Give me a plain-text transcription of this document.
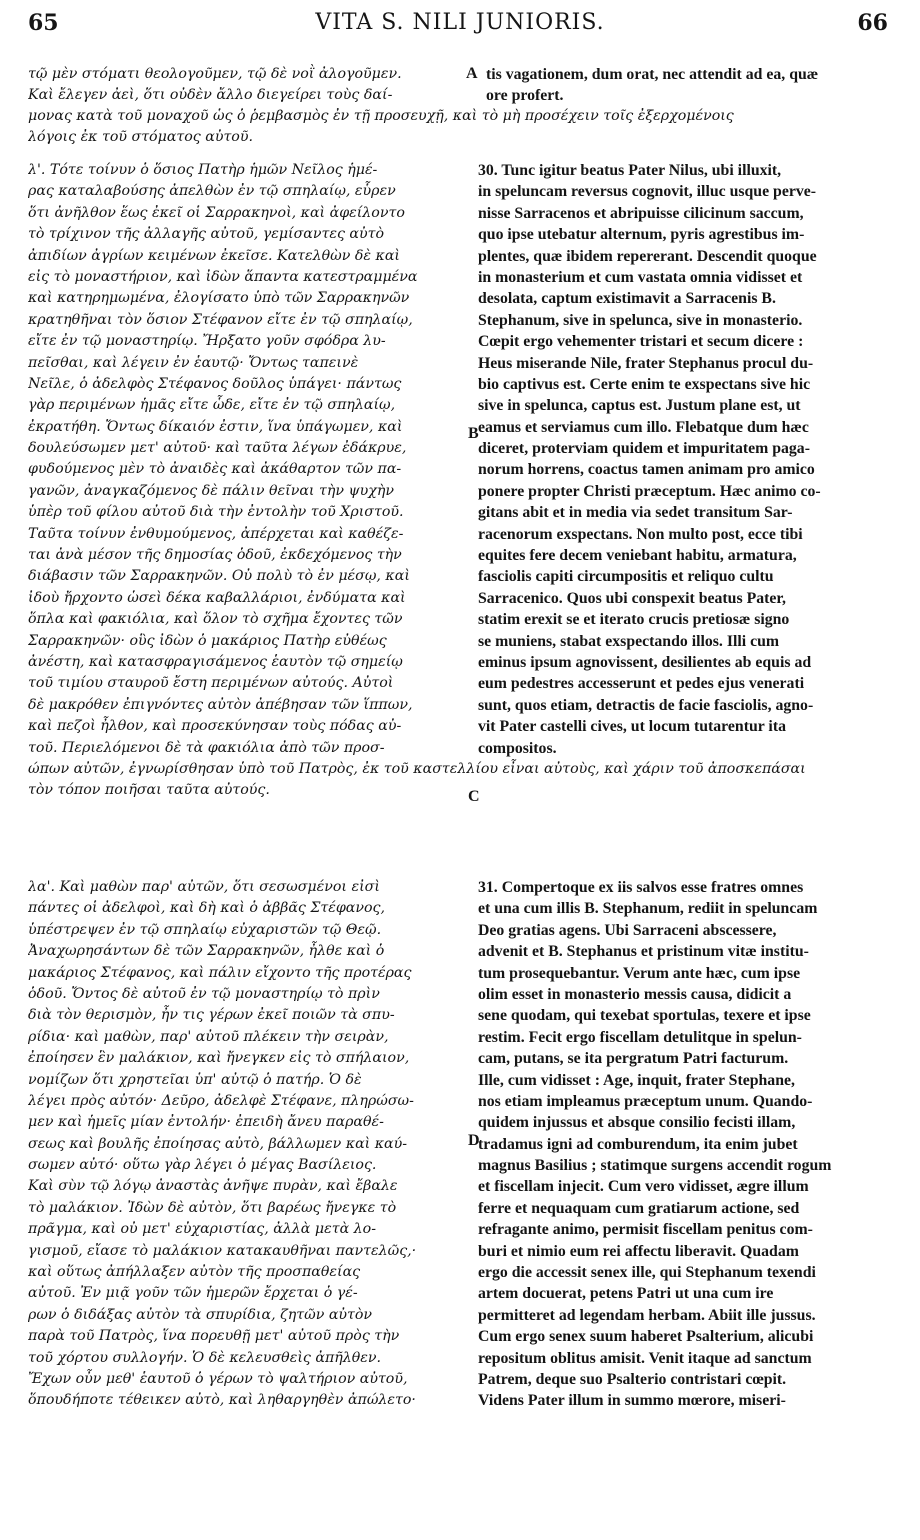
65	VITA S. NILI JUNIORIS.	66
τῷ μὲν στόματι θεολογοῦμεν, τῷ δὲ νοῒ ἀλογοῦμεν.
Καὶ ἔλεγεν ἀεὶ, ὅτι οὐδὲν ἄλλο διεγείρει τοὺς δαί-
A tis vagationem, dum orat, nec attendit ad ea, quæ
ore profert.
μονας κατὰ τοῦ μοναχοῦ ὡς ὁ ῥεμβασμὸς ἐν τῇ προσευχῇ, καὶ τὸ μὴ προσέχειν τοῖς ἐξερχομένοις
λόγοις ἐκ τοῦ στόματος αὐτοῦ.
λ'. Τότε τοίνυν ὁ ὅσιος Πατὴρ ἡμῶν Νεῖλος ἡμέ-
ρας καταλαβούσης ἀπελθὼν ἐν τῷ σπηλαίῳ, εὗρεν
ὅτι ἀνῆλθον ἕως ἐκεῖ οἱ Σαρρακηνοὶ, καὶ ἀφείλοντο
τὸ τρίχινον τῆς ἀλλαγῆς αὐτοῦ, γεμίσαντες αὐτὸ
ἀπιδίων ἀγρίων κειμένων ἐκεῖσε. Κατελθὼν δὲ καὶ
εἰς τὸ μοναστήριον, καὶ ἰδὼν ἅπαντα κατεστραμμένα
καὶ κατηρημωμένα, ἐλογίσατο ὑπὸ τῶν Σαρρακηνῶν
κρατηθῆναι τὸν ὅσιον Στέφανον εἴτε ἐν τῷ σπηλαίῳ,
εἴτε ἐν τῷ μοναστηρίῳ. Ἤρξατο γοῦν σφόδρα λυ-
πεῖσθαι, καὶ λέγειν ἐν ἑαυτῷ· Ὄντως ταπεινὲ
Νεῖλε, ὁ ἀδελφὸς Στέφανος δοῦλος ὑπάγει· πάντως
γὰρ περιμένων ἡμᾶς εἴτε ὧδε, εἴτε ἐν τῷ σπηλαίῳ,
ἐκρατήθη. Ὄντως δίκαιόν ἐστιν, ἵνα ὑπάγωμεν, καὶ
δουλεύσωμεν μετ' αὐτοῦ· καὶ ταῦτα λέγων ἐδάκρυε,
φυδούμενος μὲν τὸ ἀναιδὲς καὶ ἀκάθαρτον τῶν πα-
γανῶν, ἀναγκαζόμενος δὲ πάλιν θεῖναι τὴν ψυχὴν
ὑπὲρ τοῦ φίλου αὐτοῦ διὰ τὴν ἐντολὴν τοῦ Χριστοῦ.
Ταῦτα τοίνυν ἐνθυμούμενος, ἀπέρχεται καὶ καθέζε-
ται ἀνὰ μέσον τῆς δημοσίας ὁδοῦ, ἐκδεχόμενος τὴν
διάβασιν τῶν Σαρρακηνῶν. Οὐ πολὺ τὸ ἐν μέσῳ, καὶ
ἰδοὺ ἤρχοντο ὡσεὶ δέκα καβαλλάριοι, ἐνδύματα καὶ
ὅπλα καὶ φακιόλια, καὶ ὅλον τὸ σχῆμα ἔχοντες τῶν
Σαρρακηνῶν· οὓς ἰδὼν ὁ μακάριος Πατὴρ εὐθέως
ἀνέστη, καὶ κατασφραγισάμενος ἑαυτὸν τῷ σημείῳ
τοῦ τιμίου σταυροῦ ἔστη περιμένων αὐτούς. Αὐτοὶ
δὲ μακρόθεν ἐπιγνόντες αὐτὸν ἀπέβησαν τῶν ἵππων,
καὶ πεζοὶ ἦλθον, καὶ προσεκύνησαν τοὺς πόδας αὐ-
τοῦ. Περιελόμενοι δὲ τὰ φακιόλια ἀπὸ τῶν προσ-
ώπων αὐτῶν, ἐγνωρίσθησαν ὑπὸ τοῦ Πατρὸς, ἐκ τοῦ καστελλίου εἶναι αὐτοὺς, καὶ χάριν τοῦ ἀποσκεπάσαι
τὸν τόπον ποιῆσαι ταῦτα αὐτούς.
B
C
D
30. Tunc igitur beatus Pater Nilus, ubi illuxit,
in speluncam reversus cognovit, illuc usque perve-
nisse Sarracenos et abripuisse cilicinum saccum,
quo ipse utebatur alternum, pyris agrestibus im-
plentes, quæ ibidem repererant. Descendit quoque
in monasterium et cum vastata omnia vidisset et
desolata, captum existimavit a Sarracenis B.
Stephanum, sive in spelunca, sive in monasterio.
Cœpit ergo vehementer tristari et secum dicere :
Heus miserande Nile, frater Stephanus procul du-
bio captivus est. Certe enim te exspectans sive hic
sive in spelunca, captus est. Justum plane est, ut
eamus et serviamus cum illo. Flebatque dum hæc
diceret, proterviam quidem et impuritatem paga-
norum horrens, coactus tamen animam pro amico
ponere propter Christi præceptum. Hæc animo co-
gitans abit et in media via sedet transitum Sar-
racenorum exspectans. Non multo post, ecce tibi
equites fere decem veniebant habitu, armatura,
fasciolis capiti circumpositis et reliquo cultu
Sarracenico. Quos ubi conspexit beatus Pater,
statim erexit se et iterato crucis pretiosæ signo
se muniens, stabat exspectando illos. Illi cum
eminus ipsum agnovissent, desilientes ab equis ad
eum pedestres accesserunt et pedes ejus venerati
sunt, quos etiam, detractis de facie fasciolis, agno-
vit Pater castelli cives, ut locum tutarentur ita
compositos.
λα'. Καὶ μαθὼν παρ' αὐτῶν, ὅτι σεσωσμένοι εἰσὶ
πάντες οἱ ἀδελφοὶ, καὶ δὴ καὶ ὁ ἀββᾶς Στέφανος,
ὑπέστρεψεν ἐν τῷ σπηλαίῳ εὐχαριστῶν τῷ Θεῷ.
Ἀναχωρησάντων δὲ τῶν Σαρρακηνῶν, ἦλθε καὶ ὁ
μακάριος Στέφανος, καὶ πάλιν εἴχοντο τῆς προτέρας
ὁδοῦ. Ὄντος δὲ αὐτοῦ ἐν τῷ μοναστηρίῳ τὸ πρὶν
διὰ τὸν θερισμὸν, ἦν τις γέρων ἐκεῖ ποιῶν τὰ σπυ-
ρίδια· καὶ μαθὼν, παρ' αὐτοῦ πλέκειν τὴν σειρὰν,
ἐποίησεν ἓν μαλάκιον, καὶ ἤνεγκεν εἰς τὸ σπήλαιον,
νομίζων ὅτι χρηστεῖαι ὑπ' αὐτῷ ὁ πατήρ. Ὁ δὲ
λέγει πρὸς αὐτόν· Δεῦρο, ἀδελφὲ Στέφανε, πληρώσω-
μεν καὶ ἡμεῖς μίαν ἐντολήν· ἐπειδὴ ἄνευ παραθέ-
σεως καὶ βουλῆς ἐποίησας αὐτὸ, βάλλωμεν καὶ καύ-
σωμεν αὐτό· οὕτω γὰρ λέγει ὁ μέγας Βασίλειος.
Καὶ σὺν τῷ λόγῳ ἀναστὰς ἀνῆψε πυρὰν, καὶ ἔβαλε
τὸ μαλάκιον. Ἰδὼν δὲ αὐτὸν, ὅτι βαρέως ἤνεγκε τὸ
πρᾶγμα, καὶ οὐ μετ' εὐχαριστίας, ἀλλὰ μετὰ λο-
γισμοῦ, εἴασε τὸ μαλάκιον κατακαυθῆναι παντελῶς,·
καὶ οὕτως ἀπήλλαξεν αὐτὸν τῆς προσπαθείας
αὐτοῦ. Ἐν μιᾷ γοῦν τῶν ἡμερῶν ἔρχεται ὁ γέ-
ρων ὁ διδάξας αὐτὸν τὰ σπυρίδια, ζητῶν αὐτὸν
παρὰ τοῦ Πατρὸς, ἵνα πορευθῇ μετ' αὐτοῦ πρὸς τὴν
τοῦ χόρτου συλλογήν. Ὁ δὲ κελευσθεὶς ἀπῆλθεν.
Ἔχων οὖν μεθ' ἑαυτοῦ ὁ γέρων τὸ ψαλτήριον αὐτοῦ,
ὅπουδήποτε τέθεικεν αὐτὸ, καὶ ληθαργηθὲν ἀπώλετο·
31. Compertoque ex iis salvos esse fratres omnes
et una cum illis B. Stephanum, rediit in speluncam
Deo gratias agens. Ubi Sarraceni abscessere,
advenit et B. Stephanus et pristinum vitæ institu-
tum prosequebantur. Verum ante hæc, cum ipse
olim esset in monasterio messis causa, didicit a
sene quodam, qui texebat sportulas, texere et ipse
restim. Fecit ergo fiscellam detulitque in spelun-
cam, putans, se ita pergratum Patri facturum.
Ille, cum vidisset : Age, inquit, frater Stephane,
nos etiam impleamus præceptum unum. Quando-
quidem injussus et absque consilio fecisti illam,
tradamus igni ad comburendum, ita enim jubet
magnus Basilius ; statimque surgens accendit rogum
et fiscellam injecit. Cum vero vidisset, ægre illum
ferre et nequaquam cum gratiarum actione, sed
refragante animo, permisit fiscellam penitus com-
buri et nimio eum rei affectu liberavit. Quadam
ergo die accessit senex ille, qui Stephanum texendi
artem docuerat, petens Patri ut una cum ire
permitteret ad legendam herbam. Abiit ille jussus.
Cum ergo senex suum haberet Psalterium, alicubi
repositum oblitus amisit. Venit itaque ad sanctum
Patrem, deque suo Psalterio contristari cœpit.
Videns Pater illum in summo mœrore, miseri-
